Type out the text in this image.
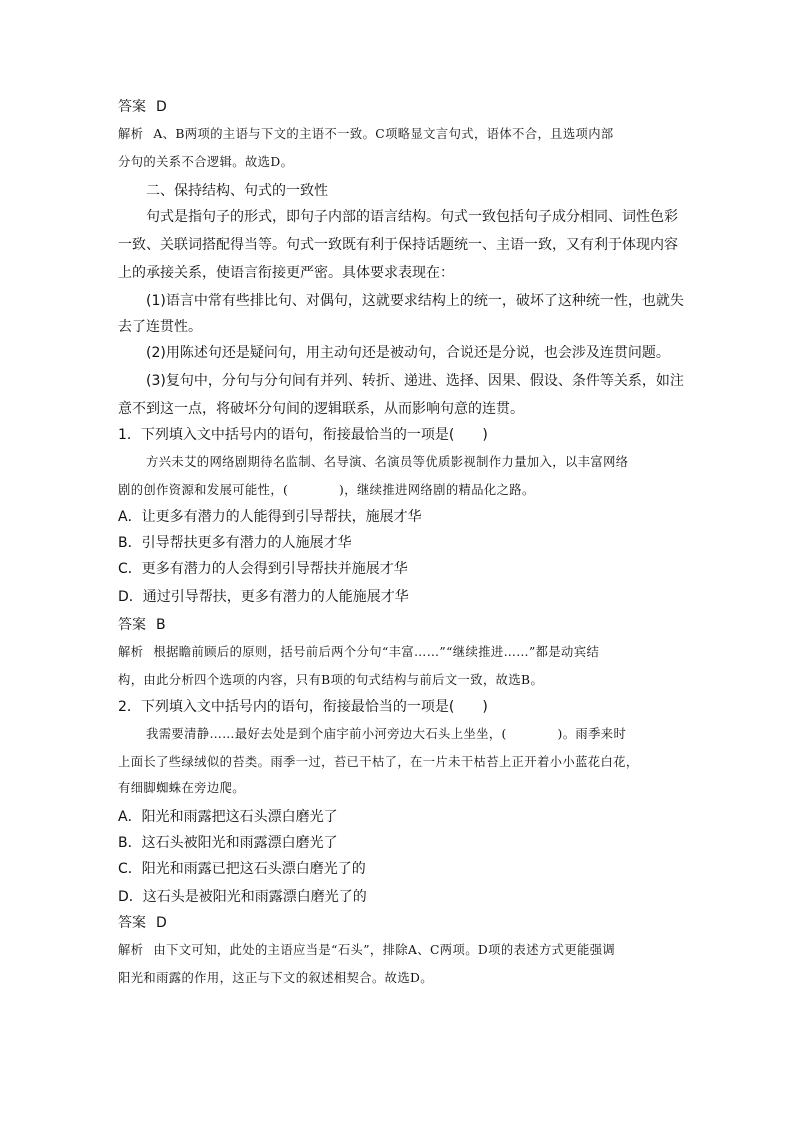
答案 D
解析 A、B两项的主语与下文的主语不一致。C项略显文言句式，语体不合，且选项内部
分句的关系不合逻辑。故选D。
二、保持结构、句式的一致性
句式是指句子的形式，即句子内部的语言结构。句式一致包括句子成分相同、词性色彩
一致、关联词搭配得当等。句式一致既有利于保持话题统一、主语一致，又有利于体现内容
上的承接关系，使语言衔接更严密。具体要求表现在：
(1)语言中常有些排比句、对偶句，这就要求结构上的统一，破坏了这种统一性，也就失
去了连贯性。
(2)用陈述句还是疑问句，用主动句还是被动句，合说还是分说，也会涉及连贯问题。
(3)复句中，分句与分句间有并列、转折、递进、选择、因果、假设、条件等关系，如注
意不到这一点，将破坏分句间的逻辑联系，从而影响句意的连贯。
1．下列填入文中括号内的语句，衔接最恰当的一项是(　　)
方兴未艾的网络剧期待名监制、名导演、名演员等优质影视制作力量加入，以丰富网络
剧的创作资源和发展可能性，(　　　　)，继续推进网络剧的精品化之路。
A．让更多有潜力的人能得到引导帮扶，施展才华
B．引导帮扶更多有潜力的人施展才华
C．更多有潜力的人会得到引导帮扶并施展才华
D．通过引导帮扶，更多有潜力的人能施展才华
答案 B
解析 根据瞻前顾后的原则，括号前后两个分句“丰富……”“继续推进……”都是动宾结
构，由此分析四个选项的内容，只有B项的句式结构与前后文一致，故选B。
2．下列填入文中括号内的语句，衔接最恰当的一项是(　　)
我需要清静……最好去处是到个庙宇前小河旁边大石头上坐坐，(　　　　)。雨季来时
上面长了些绿绒似的苔类。雨季一过，苔已干枯了，在一片未干枯苔上正开着小小蓝花白花，
有细脚蜘蛛在旁边爬。
A．阳光和雨露把这石头漂白磨光了
B．这石头被阳光和雨露漂白磨光了
C．阳光和雨露已把这石头漂白磨光了的
D．这石头是被阳光和雨露漂白磨光了的
答案 D
解析 由下文可知，此处的主语应当是“石头”，排除A、C两项。D项的表述方式更能强调
阳光和雨露的作用，这正与下文的叙述相契合。故选D。
